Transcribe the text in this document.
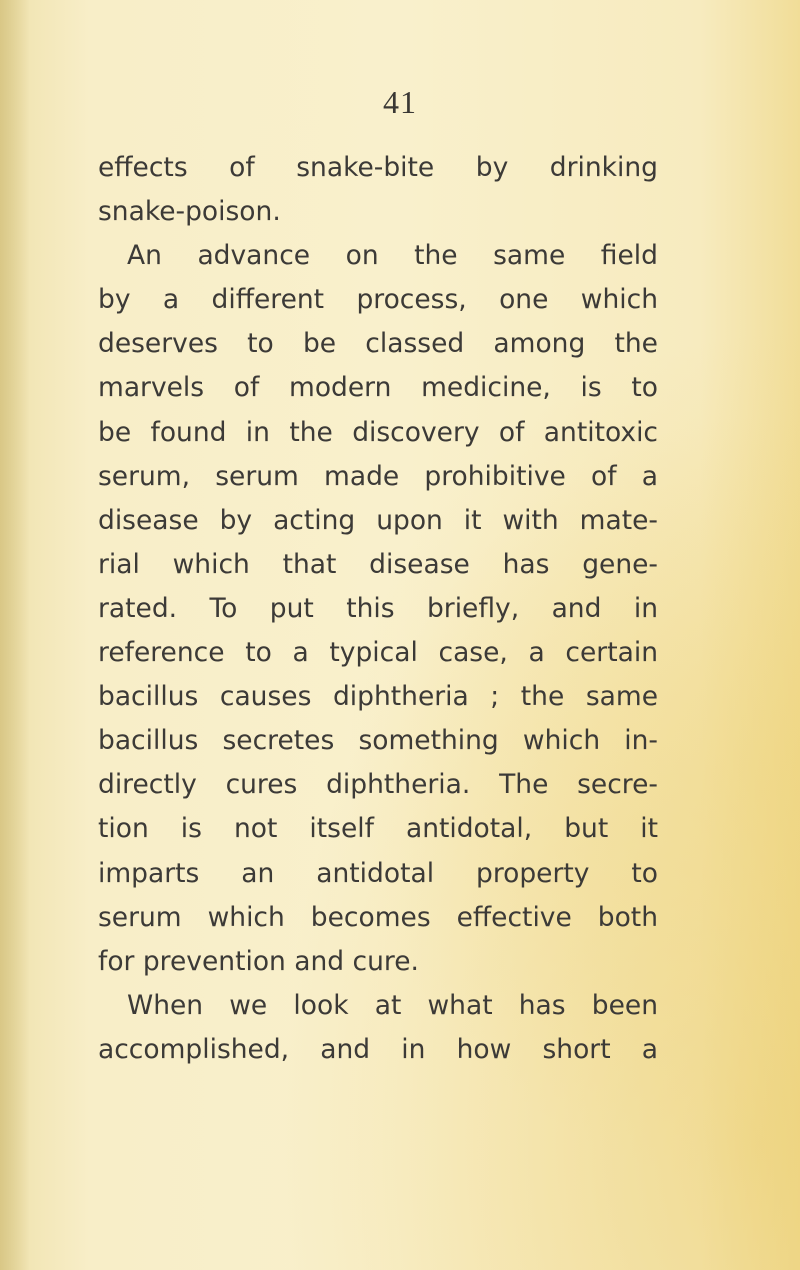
41
effects of snake-bite by drinking
snake-poison.
An advance on the same field
by a different process, one which
deserves to be classed among the
marvels of modern medicine, is to
be found in the discovery of antitoxic
serum, serum made prohibitive of a
disease by acting upon it with mate-
rial which that disease has gene-
rated. To put this briefly, and in
reference to a typical case, a certain
bacillus causes diphtheria ; the same
bacillus secretes something which in-
directly cures diphtheria. The secre-
tion is not itself antidotal, but it
imparts an antidotal property to
serum which becomes effective both
for prevention and cure.
When we look at what has been
accomplished, and in how short a
